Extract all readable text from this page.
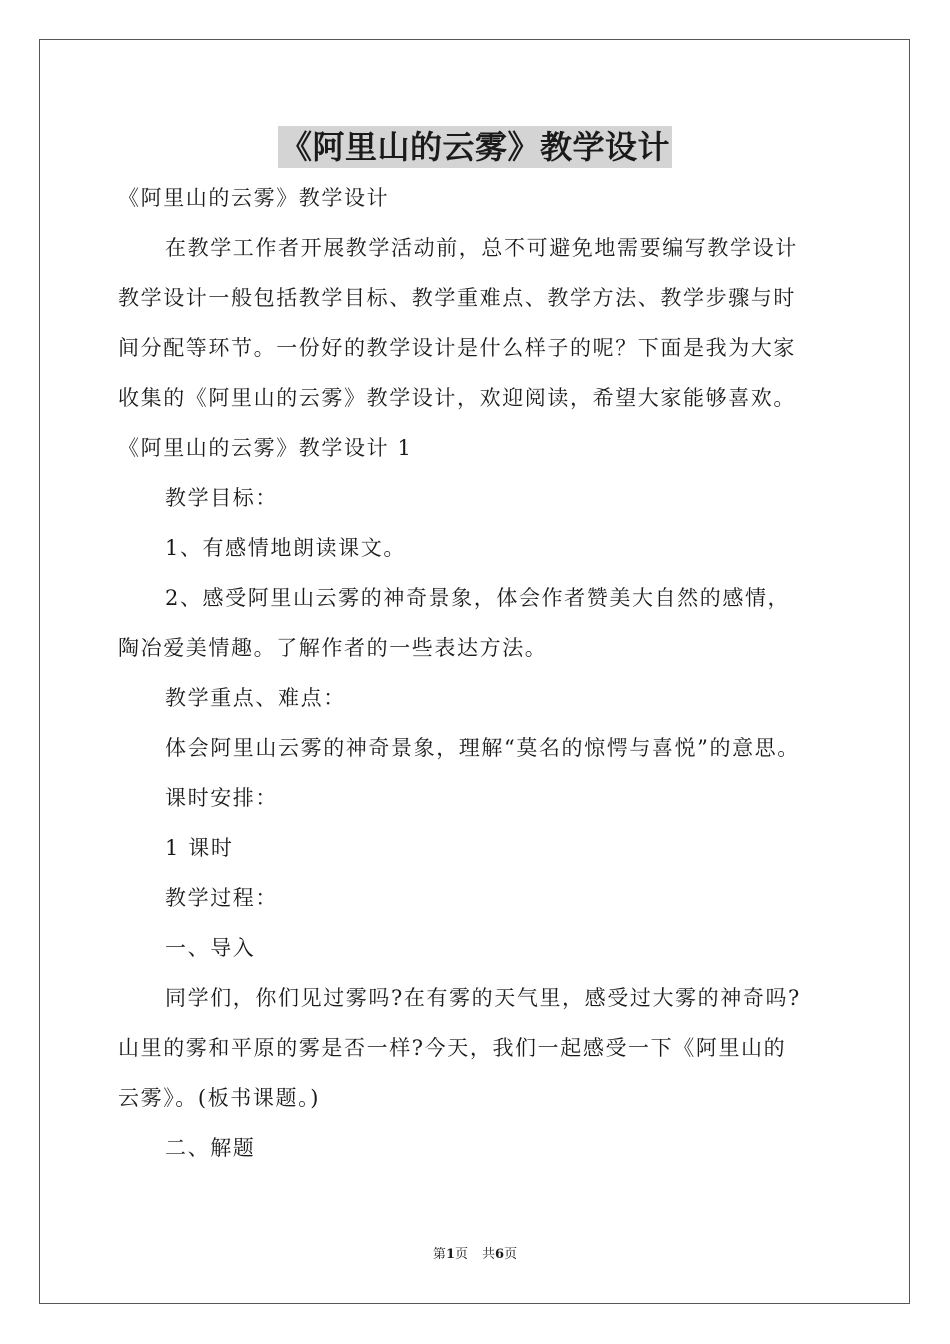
《阿里山的云雾》教学设计
《阿里山的云雾》教学设计
在教学工作者开展教学活动前，总不可避免地需要编写教学设计
教学设计一般包括教学目标、教学重难点、教学方法、教学步骤与时
间分配等环节。一份好的教学设计是什么样子的呢？下面是我为大家
收集的《阿里山的云雾》教学设计，欢迎阅读，希望大家能够喜欢。
《阿里山的云雾》教学设计 1
教学目标：
1、有感情地朗读课文。
2、感受阿里山云雾的神奇景象，体会作者赞美大自然的感情，
陶冶爱美情趣。了解作者的一些表达方法。
教学重点、难点：
体会阿里山云雾的神奇景象，理解“莫名的惊愕与喜悦”的意思。
课时安排：
1 课时
教学过程：
一、导入
同学们，你们见过雾吗?在有雾的天气里，感受过大雾的神奇吗?
山里的雾和平原的雾是否一样?今天，我们一起感受一下《阿里山的
云雾》。(板书课题。)
二、解题
第1页 共6页
